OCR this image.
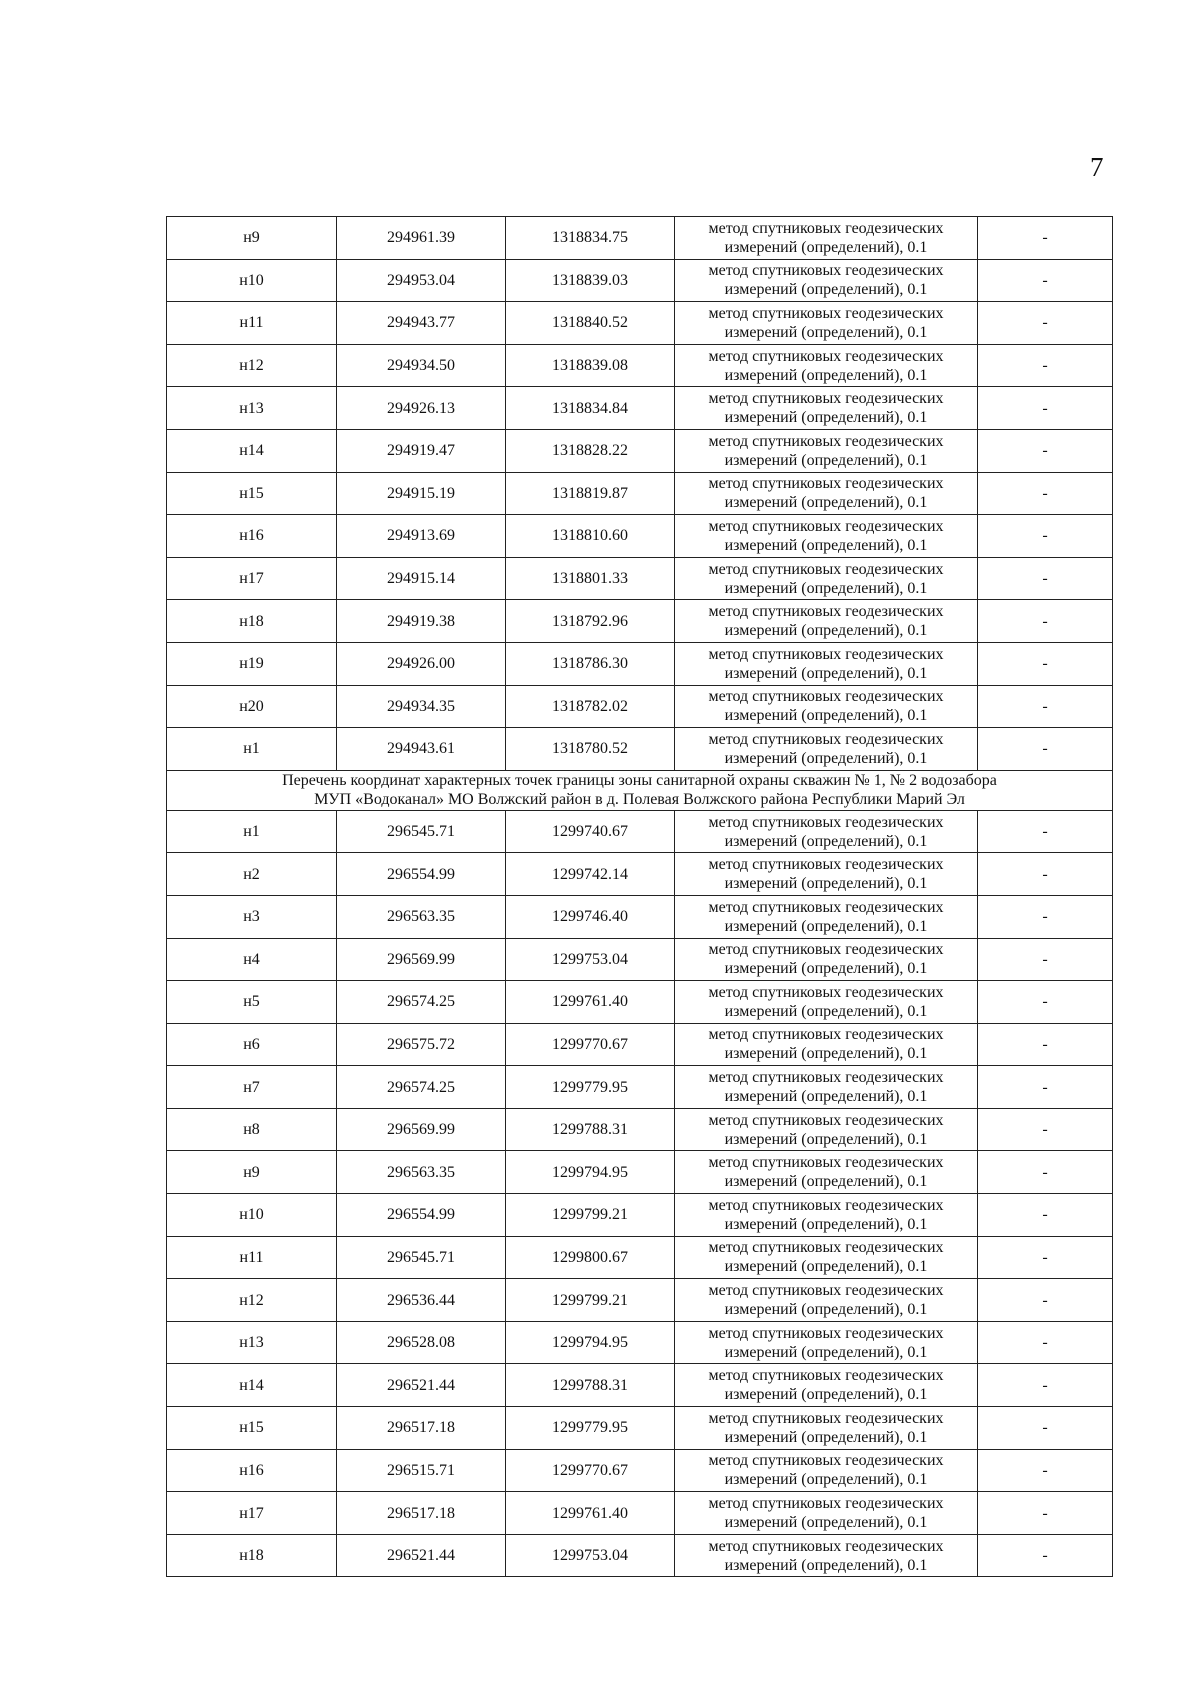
7
н9	294961.39	1318834.75	метод спутниковых геодезических
измерений (определений), 0.1	-
н10	294953.04	1318839.03	метод спутниковых геодезических
измерений (определений), 0.1	-
н11	294943.77	1318840.52	метод спутниковых геодезических
измерений (определений), 0.1	-
н12	294934.50	1318839.08	метод спутниковых геодезических
измерений (определений), 0.1	-
н13	294926.13	1318834.84	метод спутниковых геодезических
измерений (определений), 0.1	-
н14	294919.47	1318828.22	метод спутниковых геодезических
измерений (определений), 0.1	-
н15	294915.19	1318819.87	метод спутниковых геодезических
измерений (определений), 0.1	-
н16	294913.69	1318810.60	метод спутниковых геодезических
измерений (определений), 0.1	-
н17	294915.14	1318801.33	метод спутниковых геодезических
измерений (определений), 0.1	-
н18	294919.38	1318792.96	метод спутниковых геодезических
измерений (определений), 0.1	-
н19	294926.00	1318786.30	метод спутниковых геодезических
измерений (определений), 0.1	-
н20	294934.35	1318782.02	метод спутниковых геодезических
измерений (определений), 0.1	-
н1	294943.61	1318780.52	метод спутниковых геодезических
измерений (определений), 0.1	-
Перечень координат характерных точек границы зоны санитарной охраны скважин № 1, № 2 водозабора
МУП «Водоканал» МО Волжский район в д. Полевая Волжского района Республики Марий Эл				
н1	296545.71	1299740.67	метод спутниковых геодезических
измерений (определений), 0.1	-
н2	296554.99	1299742.14	метод спутниковых геодезических
измерений (определений), 0.1	-
н3	296563.35	1299746.40	метод спутниковых геодезических
измерений (определений), 0.1	-
н4	296569.99	1299753.04	метод спутниковых геодезических
измерений (определений), 0.1	-
н5	296574.25	1299761.40	метод спутниковых геодезических
измерений (определений), 0.1	-
н6	296575.72	1299770.67	метод спутниковых геодезических
измерений (определений), 0.1	-
н7	296574.25	1299779.95	метод спутниковых геодезических
измерений (определений), 0.1	-
н8	296569.99	1299788.31	метод спутниковых геодезических
измерений (определений), 0.1	-
н9	296563.35	1299794.95	метод спутниковых геодезических
измерений (определений), 0.1	-
н10	296554.99	1299799.21	метод спутниковых геодезических
измерений (определений), 0.1	-
н11	296545.71	1299800.67	метод спутниковых геодезических
измерений (определений), 0.1	-
н12	296536.44	1299799.21	метод спутниковых геодезических
измерений (определений), 0.1	-
н13	296528.08	1299794.95	метод спутниковых геодезических
измерений (определений), 0.1	-
н14	296521.44	1299788.31	метод спутниковых геодезических
измерений (определений), 0.1	-
н15	296517.18	1299779.95	метод спутниковых геодезических
измерений (определений), 0.1	-
н16	296515.71	1299770.67	метод спутниковых геодезических
измерений (определений), 0.1	-
н17	296517.18	1299761.40	метод спутниковых геодезических
измерений (определений), 0.1	-
н18	296521.44	1299753.04	метод спутниковых геодезических
измерений (определений), 0.1	-
